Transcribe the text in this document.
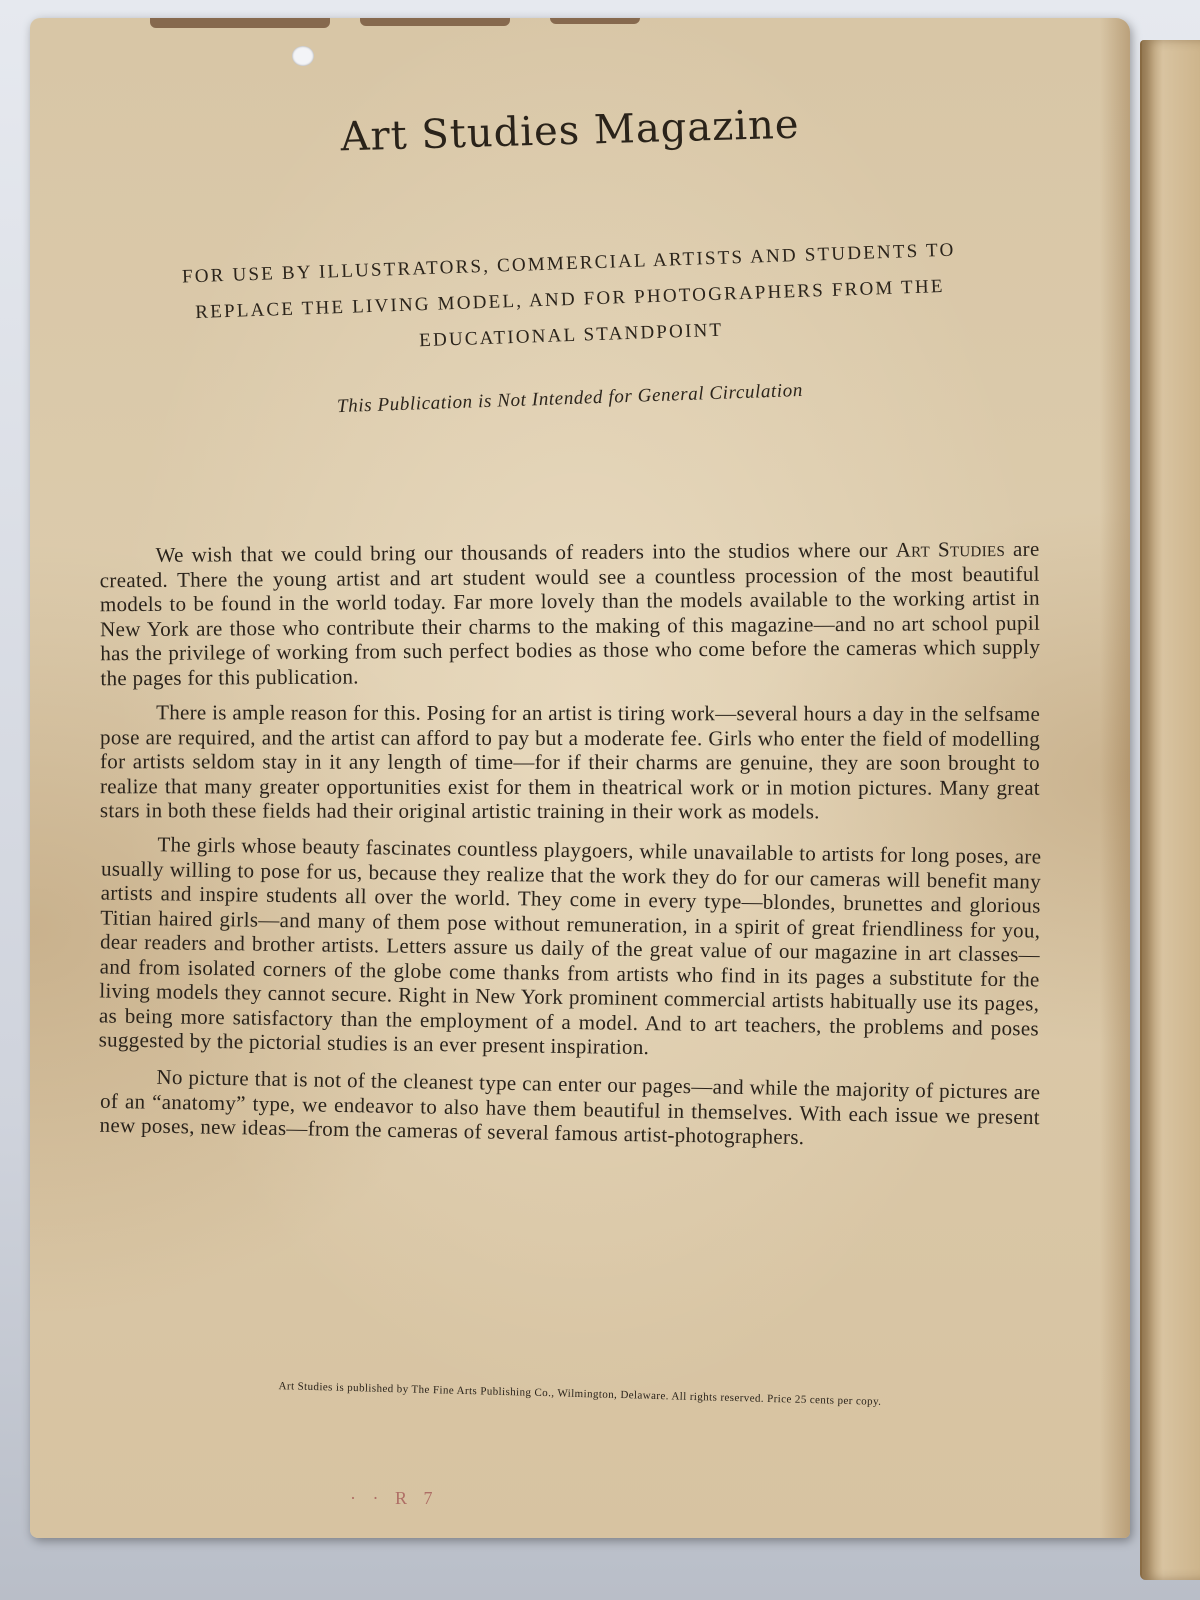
Art Studies Magazine
FOR USE BY ILLUSTRATORS, COMMERCIAL ARTISTS AND STUDENTS TO
REPLACE THE LIVING MODEL, AND FOR PHOTOGRAPHERS FROM THE
EDUCATIONAL STANDPOINT
This Publication is Not Intended for General Circulation

We wish that we could bring our thousands of readers into the studios where our Art Studies are created. There the young artist and art student would see a countless procession of the most beautiful models to be found in the world today. Far more lovely than the models available to the working artist in New York are those who contribute their charms to the making of this magazine—and no art school pupil has the privilege of working from such perfect bodies as those who come before the cameras which supply the pages for this publication.

There is ample reason for this. Posing for an artist is tiring work—several hours a day in the selfsame pose are required, and the artist can afford to pay but a moderate fee. Girls who enter the field of modelling for artists seldom stay in it any length of time—for if their charms are genuine, they are soon brought to realize that many greater opportunities exist for them in theatrical work or in motion pictures. Many great stars in both these fields had their original artistic training in their work as models.

The girls whose beauty fascinates countless playgoers, while unavailable to artists for long poses, are usually willing to pose for us, because they realize that the work they do for our cameras will benefit many artists and inspire students all over the world. They come in every type—blondes, brunettes and glorious Titian haired girls—and many of them pose without remuneration, in a spirit of great friendliness for you, dear readers and brother artists. Letters assure us daily of the great value of our magazine in art classes—and from isolated corners of the globe come thanks from artists who find in its pages a substitute for the living models they cannot secure. Right in New York prominent commercial artists habitually use its pages, as being more satisfactory than the employment of a model. And to art teachers, the problems and poses suggested by the pictorial studies is an ever present inspiration.

No picture that is not of the cleanest type can enter our pages—and while the majority of pictures are of an “anatomy” type, we endeavor to also have them beautiful in themselves. With each issue we present new poses, new ideas—from the cameras of several famous artist-photographers.

Art Studies is published by The Fine Arts Publishing Co., Wilmington, Delaware. All rights reserved. Price 25 cents per copy.
· · R 7
